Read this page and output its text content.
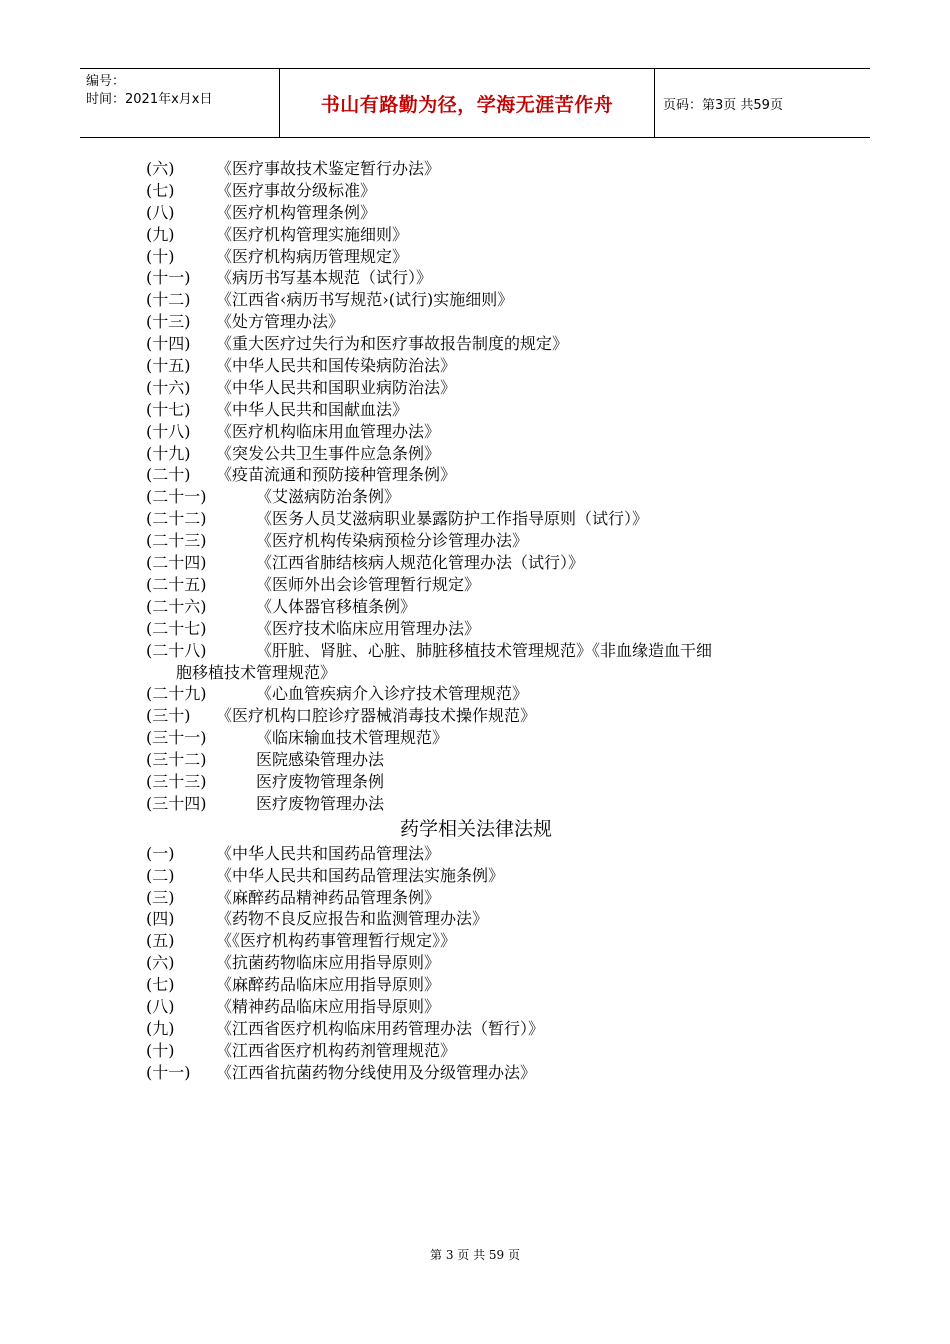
编号：
时间：2021年x月x日	书山有路勤为径，学海无涯苦作舟	页码：第3页 共59页
(六)	《医疗事故技术鉴定暂行办法》
(七)	《医疗事故分级标准》
(八)	《医疗机构管理条例》
(九)	《医疗机构管理实施细则》
(十)	《医疗机构病历管理规定》
(十一)	《病历书写基本规范（试行）》
(十二)	《江西省‹病历书写规范›(试行)实施细则》
(十三)	《处方管理办法》
(十四)	《重大医疗过失行为和医疗事故报告制度的规定》
(十五)	《中华人民共和国传染病防治法》
(十六)	《中华人民共和国职业病防治法》
(十七)	《中华人民共和国献血法》
(十八)	《医疗机构临床用血管理办法》
(十九)	《突发公共卫生事件应急条例》
(二十)	《疫苗流通和预防接种管理条例》
(二十一)	《艾滋病防治条例》
(二十二)	《医务人员艾滋病职业暴露防护工作指导原则（试行）》
(二十三)	《医疗机构传染病预检分诊管理办法》
(二十四)	《江西省肺结核病人规范化管理办法（试行）》
(二十五)	《医师外出会诊管理暂行规定》
(二十六)	《人体器官移植条例》
(二十七)	《医疗技术临床应用管理办法》
(二十八)	《肝脏、肾脏、心脏、肺脏移植技术管理规范》《非血缘造血干细
胞移植技术管理规范》
(二十九)	《心血管疾病介入诊疗技术管理规范》
(三十)	《医疗机构口腔诊疗器械消毒技术操作规范》
(三十一)	《临床输血技术管理规范》
(三十二)	医院感染管理办法
(三十三)	医疗废物管理条例
(三十四)	医疗废物管理办法
药学相关法律法规
(一)	《中华人民共和国药品管理法》
(二)	《中华人民共和国药品管理法实施条例》
(三)	《麻醉药品精神药品管理条例》
(四)	《药物不良反应报告和监测管理办法》
(五)	《《医疗机构药事管理暂行规定》》
(六)	《抗菌药物临床应用指导原则》
(七)	《麻醉药品临床应用指导原则》
(八)	《精神药品临床应用指导原则》
(九)	《江西省医疗机构临床用药管理办法（暂行）》
(十)	《江西省医疗机构药剂管理规范》
(十一)	《江西省抗菌药物分线使用及分级管理办法》
第 3 页 共 59 页
